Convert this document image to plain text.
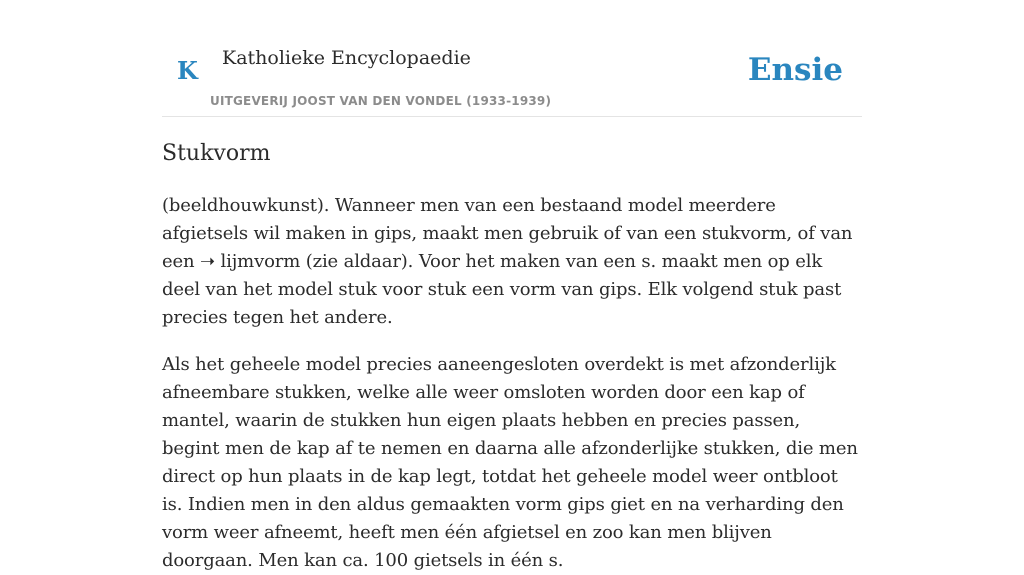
K Katholieke Encyclopaedie
UITGEVERIJ JOOST VAN DEN VONDEL (1933-1939)
Ensie
Stukvorm

(beeldhouwkunst). Wanneer men van een bestaand model meerdere afgietsels wil maken in gips, maakt men gebruik of van een stukvorm, of van een ➝ lijmvorm (zie aldaar). Voor het maken van een s. maakt men op elk deel van het model stuk voor stuk een vorm van gips. Elk volgend stuk past precies tegen het andere.

Als het geheele model precies aaneengesloten overdekt is met afzonderlijk afneembare stukken, welke alle weer omsloten worden door een kap of mantel, waarin de stukken hun eigen plaats hebben en precies passen, begint men de kap af te nemen en daarna alle afzonderlijke stukken, die men direct op hun plaats in de kap legt, totdat het geheele model weer ontbloot is. Indien men in den aldus gemaakten vorm gips giet en na verharding den vorm weer afneemt, heeft men één afgietsel en zoo kan men blijven doorgaan. Men kan ca. 100 gietsels in één s.
